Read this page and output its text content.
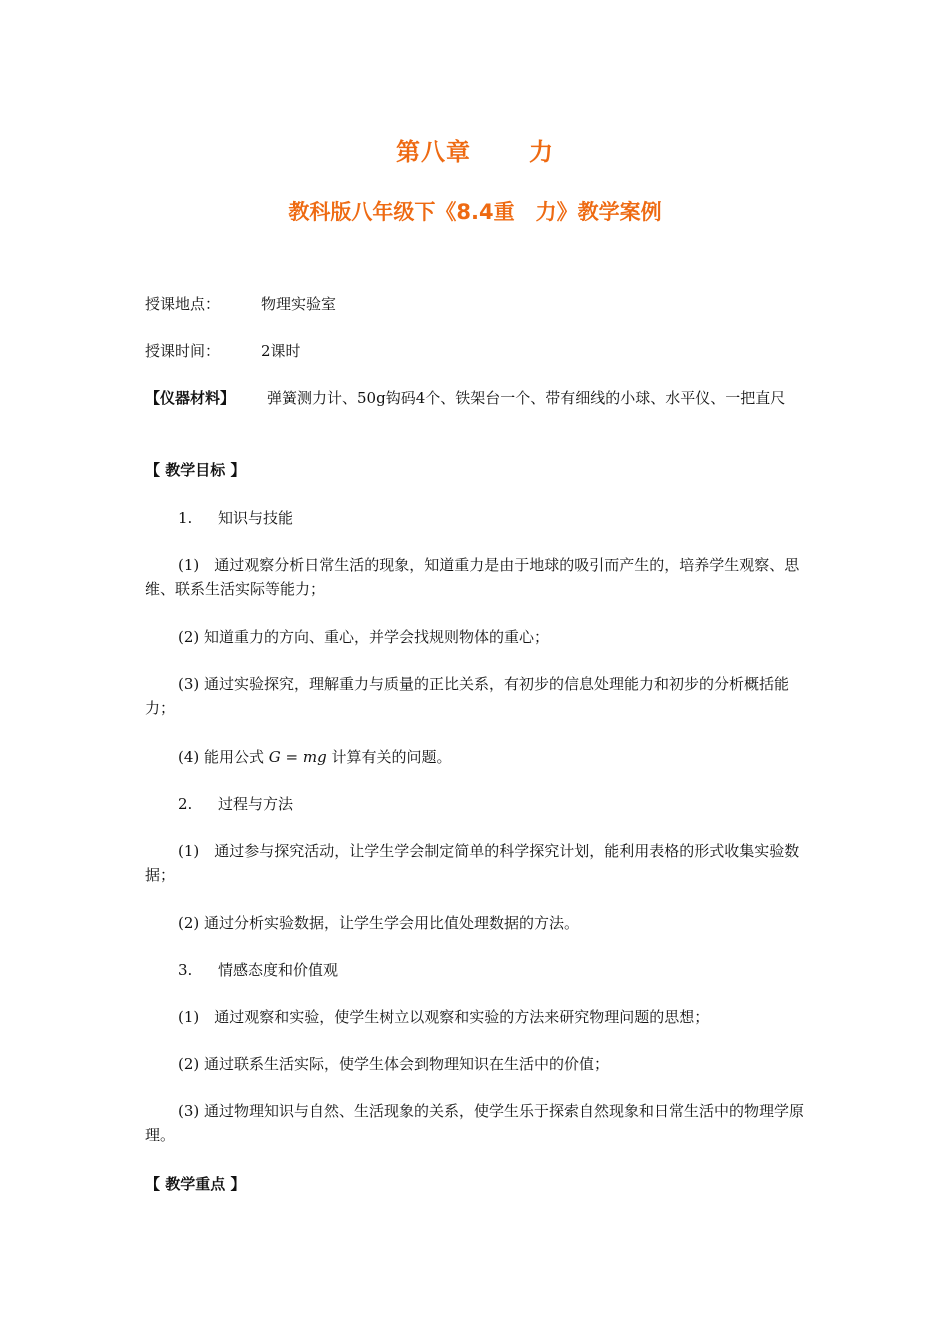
第八章 力
教科版八年级下《8.4重　力》教学案例
授课地点：	物理实验室
授课时间：	2课时
【仪器材料】 弹簧测力计、50g钩码4个、铁架台一个、带有细线的小球、水平仪、一把直尺
【 教学目标 】
1. 知识与技能
(1)　通过观察分析日常生活的现象，知道重力是由于地球的吸引而产生的，培养学生观察、思维、联系生活实际等能力；
(2) 知道重力的方向、重心，并学会找规则物体的重心；
(3) 通过实验探究，理解重力与质量的正比关系，有初步的信息处理能力和初步的分析概括能力；
(4) 能用公式 G = mg 计算有关的问题。
2. 过程与方法
(1)　通过参与探究活动，让学生学会制定简单的科学探究计划，能利用表格的形式收集实验数据；
(2) 通过分析实验数据，让学生学会用比值处理数据的方法。
3. 情感态度和价值观
(1)　通过观察和实验，使学生树立以观察和实验的方法来研究物理问题的思想；
(2) 通过联系生活实际，使学生体会到物理知识在生活中的价值；
(3) 通过物理知识与自然、生活现象的关系，使学生乐于探索自然现象和日常生活中的物理学原理。
【 教学重点 】
